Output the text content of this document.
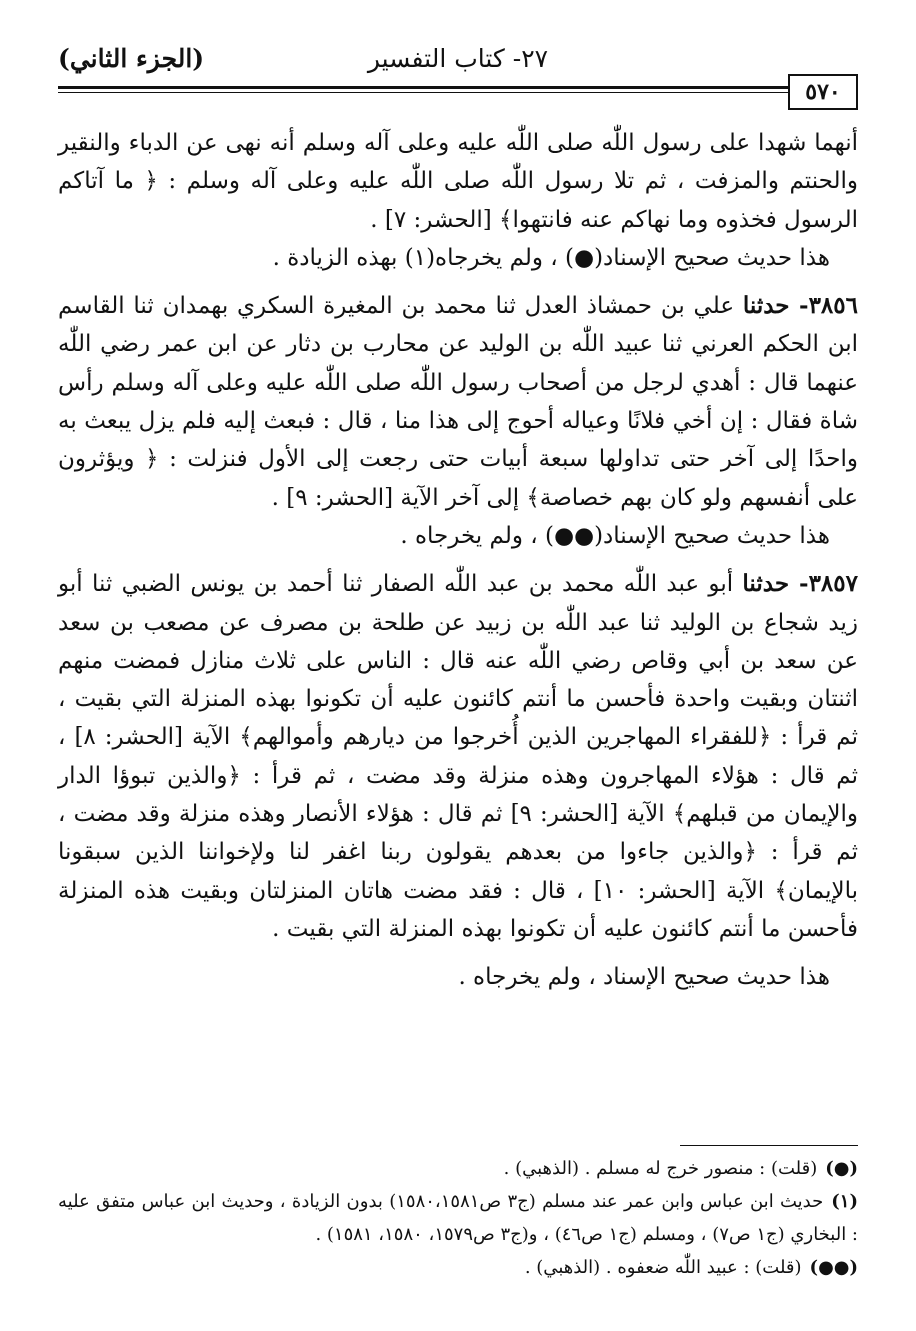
٥٧٠
٢٧- كتاب التفسير
(الجزء الثاني)

أنهما شهدا على رسول اللّٰه صلى اللّٰه عليه وعلى آله وسلم أنه نهى عن الدباء والنقير والحنتم والمزفت ، ثم تلا رسول اللّٰه صلى اللّٰه عليه وعلى آله وسلم : ﴿ ما آتاكم الرسول فخذوه وما نهاكم عنه فانتهوا﴾ [الحشر: ٧] .

هذا حديث صحيح الإسناد(●) ، ولم يخرجاه(١) بهذه الزيادة .

٣٨٥٦- حدثنا علي بن حمشاذ العدل ثنا محمد بن المغيرة السكري بهمدان ثنا القاسم ابن الحكم العرني ثنا عبيد اللّٰه بن الوليد عن محارب بن دثار عن ابن عمر رضي اللّٰه عنهما قال : أهدي لرجل من أصحاب رسول اللّٰه صلى اللّٰه عليه وعلى آله وسلم رأس شاة فقال : إن أخي فلانًا وعياله أحوج إلى هذا منا ، قال : فبعث إليه فلم يزل يبعث به واحدًا إلى آخر حتى تداولها سبعة أبيات حتى رجعت إلى الأول فنزلت : ﴿ ويؤثرون على أنفسهم ولو كان بهم خصاصة﴾ إلى آخر الآية [الحشر: ٩] .

هذا حديث صحيح الإسناد(●●) ، ولم يخرجاه .

٣٨٥٧- حدثنا أبو عبد اللّٰه محمد بن عبد اللّٰه الصفار ثنا أحمد بن يونس الضبي ثنا أبو زيد شجاع بن الوليد ثنا عبد اللّٰه بن زبيد عن طلحة بن مصرف عن مصعب بن سعد عن سعد بن أبي وقاص رضي اللّٰه عنه قال : الناس على ثلاث منازل فمضت منهم اثنتان وبقيت واحدة فأحسن ما أنتم كائنون عليه أن تكونوا بهذه المنزلة التي بقيت ، ثم قرأ : ﴿للفقراء المهاجرين الذين أُخرجوا من ديارهم وأموالهم﴾ الآية [الحشر: ٨] ، ثم قال : هؤلاء المهاجرون وهذه منزلة وقد مضت ، ثم قرأ : ﴿والذين تبوؤا الدار والإيمان من قبلهم﴾ الآية [الحشر: ٩] ثم قال : هؤلاء الأنصار وهذه منزلة وقد مضت ، ثم قرأ : ﴿والذين جاءوا من بعدهم يقولون ربنا اغفر لنا ولإخواننا الذين سبقونا بالإيمان﴾ الآية [الحشر: ١٠] ، قال : فقد مضت هاتان المنزلتان وبقيت هذه المنزلة فأحسن ما أنتم كائنون عليه أن تكونوا بهذه المنزلة التي بقيت .

هذا حديث صحيح الإسناد ، ولم يخرجاه .

(●)(قلت) : منصور خرج له مسلم . (الذهبي) .

(١)حديث ابن عباس وابن عمر عند مسلم (ج٣ ص١٥٨٠،١٥٨١) بدون الزيادة ، وحديث ابن عباس متفق عليه : البخاري (ج١ ص٧) ، ومسلم (ج١ ص٤٦) ، و(ج٣ ص١٥٧٩، ١٥٨٠، ١٥٨١) .

(●●)(قلت) : عبيد اللّٰه ضعفوه . (الذهبي) .
